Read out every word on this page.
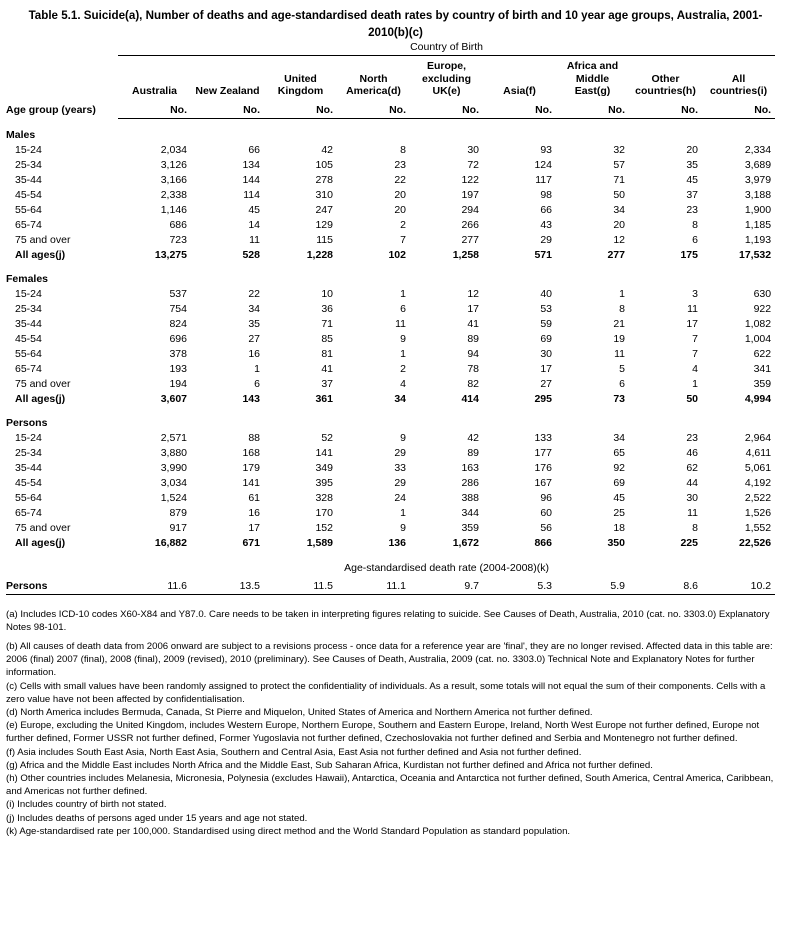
Table 5.1. Suicide(a), Number of deaths and age-standardised death rates by country of birth and 10 year age groups, Australia, 2001-2010(b)(c)
	Country of Birth								
	Australia	New Zealand	United Kingdom	North America(d)	Europe, excluding UK(e)	Asia(f)	Africa and Middle East(g)	Other countries(h)	All countries(i)
Age group (years)	No.	No.	No.	No.	No.	No.	No.	No.	No.

Males									
15-24	2,034	66	42	8	30	93	32	20	2,334
25-34	3,126	134	105	23	72	124	57	35	3,689
35-44	3,166	144	278	22	122	117	71	45	3,979
45-54	2,338	114	310	20	197	98	50	37	3,188
55-64	1,146	45	247	20	294	66	34	23	1,900
65-74	686	14	129	2	266	43	20	8	1,185
75 and over	723	11	115	7	277	29	12	6	1,193
All ages(j)	13,275	528	1,228	102	1,258	571	277	175	17,532

Females									
15-24	537	22	10	1	12	40	1	3	630
25-34	754	34	36	6	17	53	8	11	922
35-44	824	35	71	11	41	59	21	17	1,082
45-54	696	27	85	9	89	69	19	7	1,004
55-64	378	16	81	1	94	30	11	7	622
65-74	193	1	41	2	78	17	5	4	341
75 and over	194	6	37	4	82	27	6	1	359
All ages(j)	3,607	143	361	34	414	295	73	50	4,994

Persons									
15-24	2,571	88	52	9	42	133	34	23	2,964
25-34	3,880	168	141	29	89	177	65	46	4,611
35-44	3,990	179	349	33	163	176	92	62	5,061
45-54	3,034	141	395	29	286	167	69	44	4,192
55-64	1,524	61	328	24	388	96	45	30	2,522
65-74	879	16	170	1	344	60	25	11	1,526
75 and over	917	17	152	9	359	56	18	8	1,552
All ages(j)	16,882	671	1,589	136	1,672	866	350	225	22,526

	Age-standardised death rate (2004-2008)(k)								

Persons	11.6	13.5	11.5	11.1	9.7	5.3	5.9	8.6	10.2
(a) Includes ICD-10 codes X60-X84 and Y87.0. Care needs to be taken in interpreting figures relating to suicide. See Causes of Death, Australia, 2010 (cat. no. 3303.0) Explanatory Notes 98-101.
(b) All causes of death data from 2006 onward are subject to a revisions process - once data for a reference year are 'final', they are no longer revised. Affected data in this table are: 2006 (final) 2007 (final), 2008 (final), 2009 (revised), 2010 (preliminary). See Causes of Death, Australia, 2009 (cat. no. 3303.0) Technical Note and Explanatory Notes for further information.
(c) Cells with small values have been randomly assigned to protect the confidentiality of individuals. As a result, some totals will not equal the sum of their components. Cells with a zero value have not been affected by confidentialisation.
(d) North America includes Bermuda, Canada, St Pierre and Miquelon, United States of America and Northern America not further defined.
(e) Europe, excluding the United Kingdom, includes Western Europe, Northern Europe, Southern and Eastern Europe, Ireland, North West Europe not further defined, Europe not further defined, Former USSR not further defined, Former Yugoslavia not further defined, Czechoslovakia not further defined and Serbia and Montenegro not further defined.
(f) Asia includes South East Asia, North East Asia, Southern and Central Asia, East Asia not further defined and Asia not further defined.
(g) Africa and the Middle East includes North Africa and the Middle East, Sub Saharan Africa, Kurdistan not further defined and Africa not further defined.
(h) Other countries includes Melanesia, Micronesia, Polynesia (excludes Hawaii), Antarctica, Oceania and Antarctica not further defined, South America, Central America, Caribbean, and Americas not further defined.
(i) Includes country of birth not stated.
(j) Includes deaths of persons aged under 15 years and age not stated.
(k) Age-standardised rate per 100,000. Standardised using direct method and the World Standard Population as standard population.
